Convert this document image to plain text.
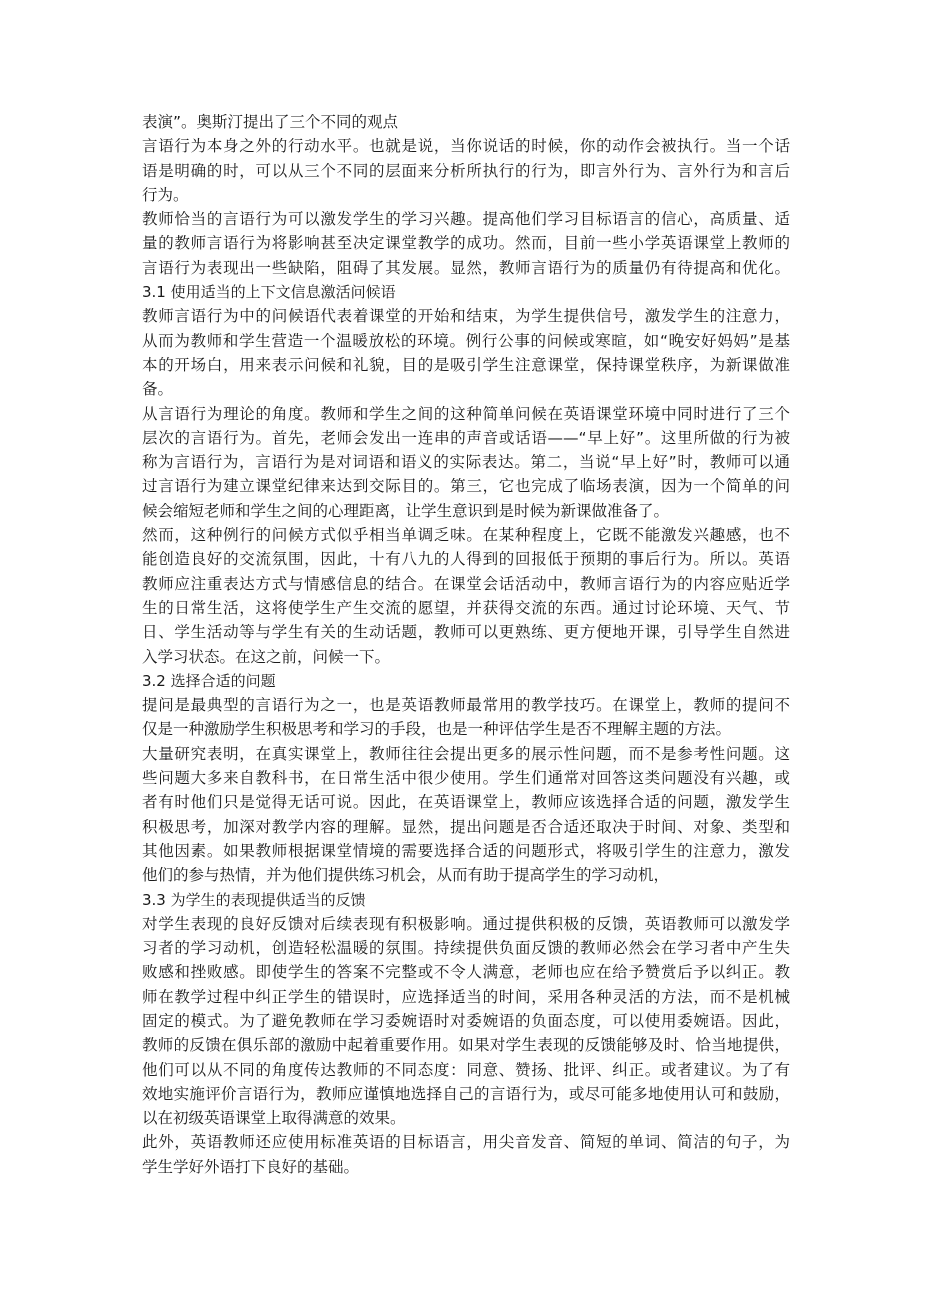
表演”。奥斯汀提出了三个不同的观点
言语行为本身之外的行动水平。也就是说，当你说话的时候，你的动作会被执行。当一个话
语是明确的时，可以从三个不同的层面来分析所执行的行为，即言外行为、言外行为和言后
行为。
教师恰当的言语行为可以激发学生的学习兴趣。提高他们学习目标语言的信心，高质量、适
量的教师言语行为将影响甚至决定课堂教学的成功。然而，目前一些小学英语课堂上教师的
言语行为表现出一些缺陷，阻碍了其发展。显然，教师言语行为的质量仍有待提高和优化。
3.1 使用适当的上下文信息激活问候语
教师言语行为中的问候语代表着课堂的开始和结束，为学生提供信号，激发学生的注意力，
从而为教师和学生营造一个温暖放松的环境。例行公事的问候或寒暄，如“晚安好妈妈”是基
本的开场白，用来表示问候和礼貌，目的是吸引学生注意课堂，保持课堂秩序，为新课做准
备。
从言语行为理论的角度。教师和学生之间的这种简单问候在英语课堂环境中同时进行了三个
层次的言语行为。首先，老师会发出一连串的声音或话语——“早上好”。这里所做的行为被
称为言语行为，言语行为是对词语和语义的实际表达。第二，当说“早上好”时，教师可以通
过言语行为建立课堂纪律来达到交际目的。第三，它也完成了临场表演，因为一个简单的问
候会缩短老师和学生之间的心理距离，让学生意识到是时候为新课做准备了。
然而，这种例行的问候方式似乎相当单调乏味。在某种程度上，它既不能激发兴趣感，也不
能创造良好的交流氛围，因此，十有八九的人得到的回报低于预期的事后行为。所以。英语
教师应注重表达方式与情感信息的结合。在课堂会话活动中，教师言语行为的内容应贴近学
生的日常生活，这将使学生产生交流的愿望，并获得交流的东西。通过讨论环境、天气、节
日、学生活动等与学生有关的生动话题，教师可以更熟练、更方便地开课，引导学生自然进
入学习状态。在这之前，问候一下。
3.2 选择合适的问题
提问是最典型的言语行为之一，也是英语教师最常用的教学技巧。在课堂上，教师的提问不
仅是一种激励学生积极思考和学习的手段，也是一种评估学生是否不理解主题的方法。
大量研究表明，在真实课堂上，教师往往会提出更多的展示性问题，而不是参考性问题。这
些问题大多来自教科书，在日常生活中很少使用。学生们通常对回答这类问题没有兴趣，或
者有时他们只是觉得无话可说。因此，在英语课堂上，教师应该选择合适的问题，激发学生
积极思考，加深对教学内容的理解。显然，提出问题是否合适还取决于时间、对象、类型和
其他因素。如果教师根据课堂情境的需要选择合适的问题形式，将吸引学生的注意力，激发
他们的参与热情，并为他们提供练习机会，从而有助于提高学生的学习动机，
3.3 为学生的表现提供适当的反馈
对学生表现的良好反馈对后续表现有积极影响。通过提供积极的反馈，英语教师可以激发学
习者的学习动机，创造轻松温暖的氛围。持续提供负面反馈的教师必然会在学习者中产生失
败感和挫败感。即使学生的答案不完整或不令人满意，老师也应在给予赞赏后予以纠正。教
师在教学过程中纠正学生的错误时，应选择适当的时间，采用各种灵活的方法，而不是机械
固定的模式。为了避免教师在学习委婉语时对委婉语的负面态度，可以使用委婉语。因此，
教师的反馈在俱乐部的激励中起着重要作用。如果对学生表现的反馈能够及时、恰当地提供，
他们可以从不同的角度传达教师的不同态度：同意、赞扬、批评、纠正。或者建议。为了有
效地实施评价言语行为，教师应谨慎地选择自己的言语行为，或尽可能多地使用认可和鼓励，
以在初级英语课堂上取得满意的效果。
此外，英语教师还应使用标准英语的目标语言，用尖音发音、简短的单词、简洁的句子，为
学生学好外语打下良好的基础。
